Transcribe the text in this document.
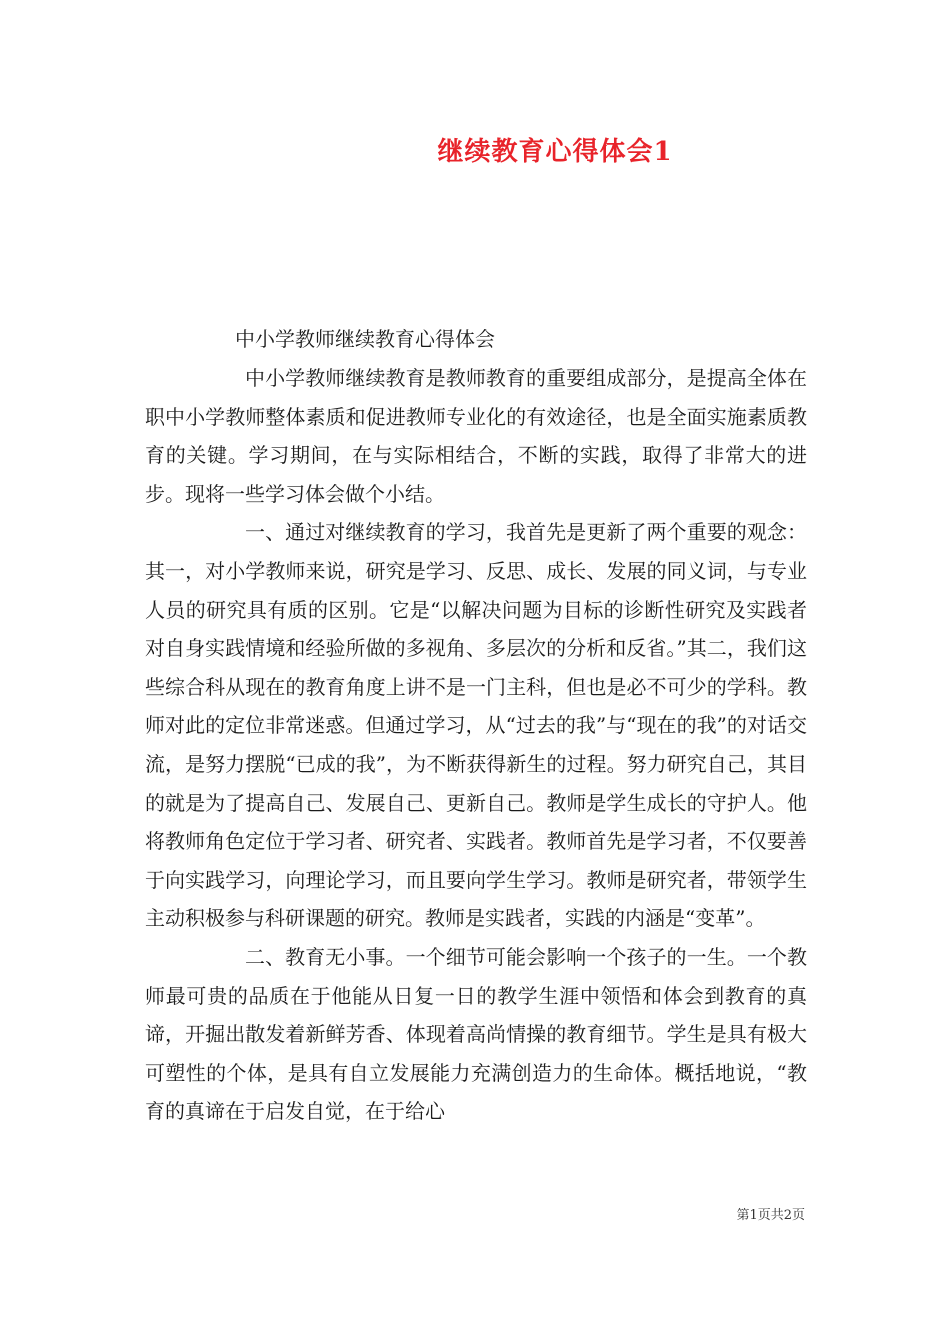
继续教育心得体会1

中小学教师继续教育心得体会

中小学教师继续教育是教师教育的重要组成部分，是提高全体在职中小学教师整体素质和促进教师专业化的有效途径，也是全面实施素质教育的关键。学习期间，在与实际相结合，不断的实践，取得了非常大的进步。现将一些学习体会做个小结。

一、通过对继续教育的学习，我首先是更新了两个重要的观念：其一，对小学教师来说，研究是学习、反思、成长、发展的同义词，与专业人员的研究具有质的区别。它是“以解决问题为目标的诊断性研究及实践者对自身实践情境和经验所做的多视角、多层次的分析和反省。”其二，我们这些综合科从现在的教育角度上讲不是一门主科，但也是必不可少的学科。教师对此的定位非常迷惑。但通过学习，从“过去的我”与“现在的我”的对话交流，是努力摆脱“已成的我”，为不断获得新生的过程。努力研究自己，其目的就是为了提高自己、发展自己、更新自己。教师是学生成长的守护人。他将教师角色定位于学习者、研究者、实践者。教师首先是学习者，不仅要善于向实践学习，向理论学习，而且要向学生学习。教师是研究者，带领学生主动积极参与科研课题的研究。教师是实践者，实践的内涵是“变革”。

二、教育无小事。一个细节可能会影响一个孩子的一生。一个教师最可贵的品质在于他能从日复一日的教学生涯中领悟和体会到教育的真谛，开掘出散发着新鲜芳香、体现着高尚情操的教育细节。学生是具有极大可塑性的个体，是具有自立发展能力充满创造力的生命体。概括地说，“教育的真谛在于启发自觉，在于给心

第1页共2页
